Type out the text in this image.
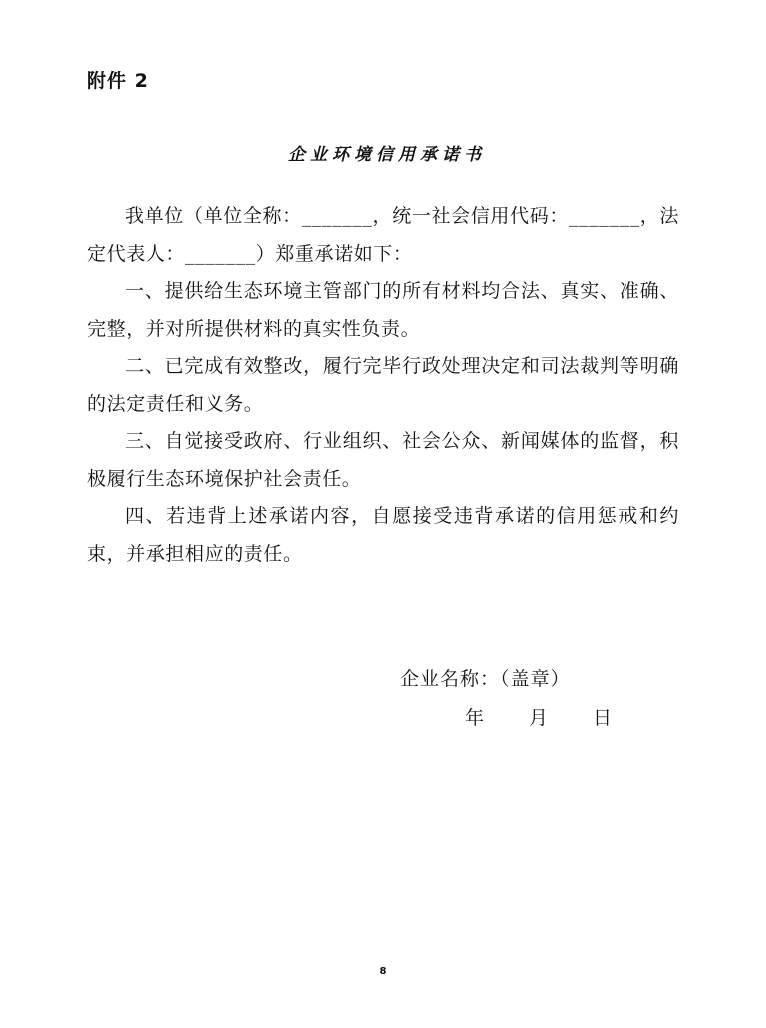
附件 2
企业环境信用承诺书

我单位（单位全称：_______，统一社会信用代码：_______，法定代表人：_______）郑重承诺如下：

一、提供给生态环境主管部门的所有材料均合法、真实、准确、完整，并对所提供材料的真实性负责。

二、已完成有效整改，履行完毕行政处理决定和司法裁判等明确的法定责任和义务。

三、自觉接受政府、行业组织、社会公众、新闻媒体的监督，积极履行生态环境保护社会责任。

四、若违背上述承诺内容，自愿接受违背承诺的信用惩戒和约束，并承担相应的责任。

企业名称：（盖章）
年 月 日
8
